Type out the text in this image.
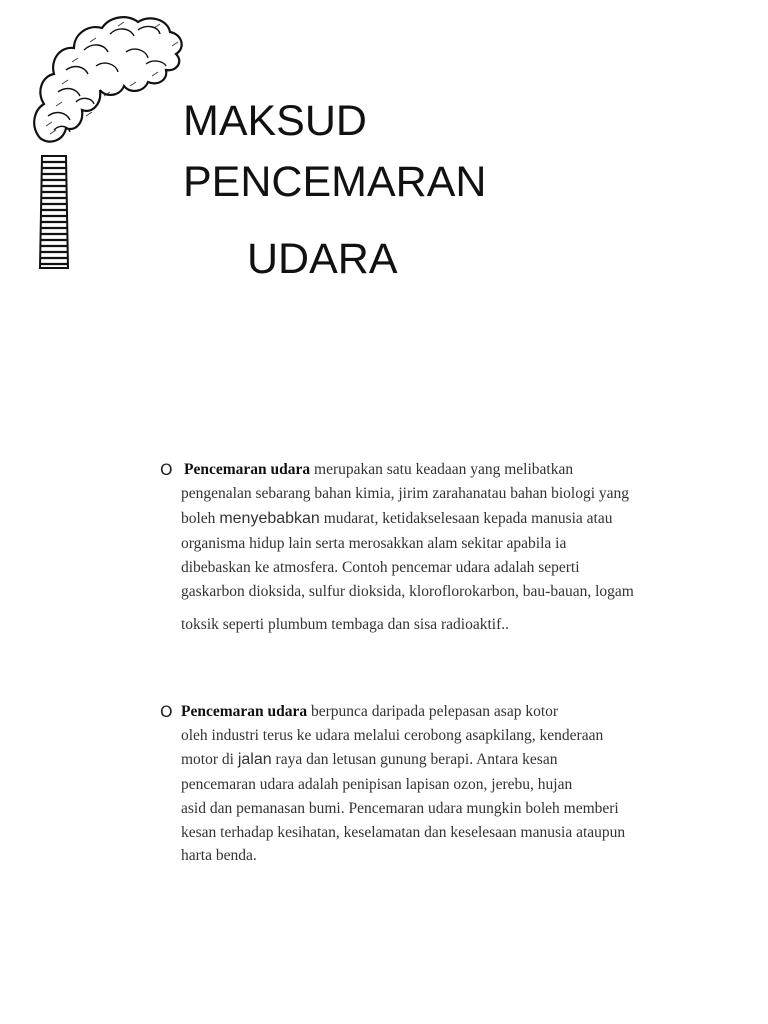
MAKSUD
PENCEMARAN
UDARA
O Pencemaran udara merupakan satu keadaan yang melibatkan
pengenalan sebarang bahan kimia, jirim zarahanatau bahan biologi yang
boleh menyebabkan mudarat, ketidakselesaan kepada manusia atau
organisma hidup lain serta merosakkan alam sekitar apabila ia
dibebaskan ke atmosfera. Contoh pencemar udara adalah seperti
gaskarbon dioksida, sulfur dioksida, kloroflorokarbon, bau-bauan, logam
toksik seperti plumbum tembaga dan sisa radioaktif..
O Pencemaran udara berpunca daripada pelepasan asap kotor
oleh industri terus ke udara melalui cerobong asapkilang, kenderaan
motor di jalan raya dan letusan gunung berapi. Antara kesan
pencemaran udara adalah penipisan lapisan ozon, jerebu, hujan
asid dan pemanasan bumi. Pencemaran udara mungkin boleh memberi
kesan terhadap kesihatan, keselamatan dan keselesaan manusia ataupun
harta benda.
